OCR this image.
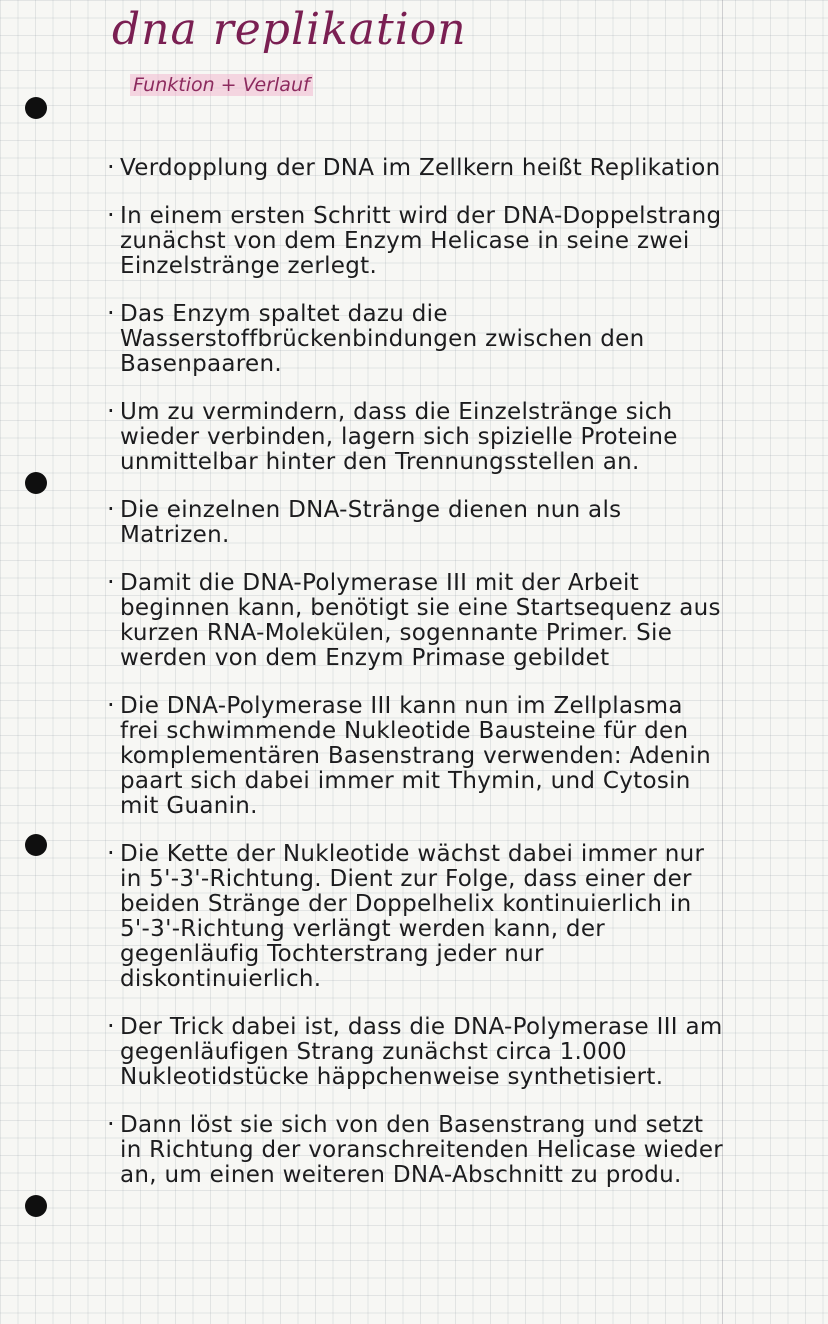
dna replikation
Funktion + Verlauf
· Verdopplung der DNA im Zellkern heißt Replikation
· In einem ersten Schritt wird der DNA-Doppelstrang zunächst von dem Enzym Helicase in seine zwei Einzelstränge zerlegt.
· Das Enzym spaltet dazu die Wasserstoffbrückenbindungen zwischen den Basenpaaren.
· Um zu vermindern, dass die Einzelstränge sich wieder verbinden, lagern sich spizielle Proteine unmittelbar hinter den Trennungsstellen an.
· Die einzelnen DNA-Stränge dienen nun als Matrizen.
· Damit die DNA-Polymerase III mit der Arbeit beginnen kann, benötigt sie eine Startsequenz aus kurzen RNA-Molekülen, sogennante Primer. Sie werden von dem Enzym Primase gebildet
· Die DNA-Polymerase III kann nun im Zellplasma frei schwimmende Nukleotide Bausteine für den komplementären Basenstrang verwenden: Adenin paart sich dabei immer mit Thymin, und Cytosin mit Guanin.
· Die Kette der Nukleotide wächst dabei immer nur in 5'-3'-Richtung. Dient zur Folge, dass einer der beiden Stränge der Doppelhelix kontinuierlich in 5'-3'-Richtung verlängt werden kann, der gegenläufig Tochterstrang jeder nur diskontinuierlich.
· Der Trick dabei ist, dass die DNA-Polymerase III am gegenläufigen Strang zunächst circa 1.000 Nukleotidstücke häppchenweise synthetisiert.
· Dann löst sie sich von den Basenstrang und setzt in Richtung der voranschreitenden Helicase wieder an, um einen weiteren DNA-Abschnitt zu produ.
